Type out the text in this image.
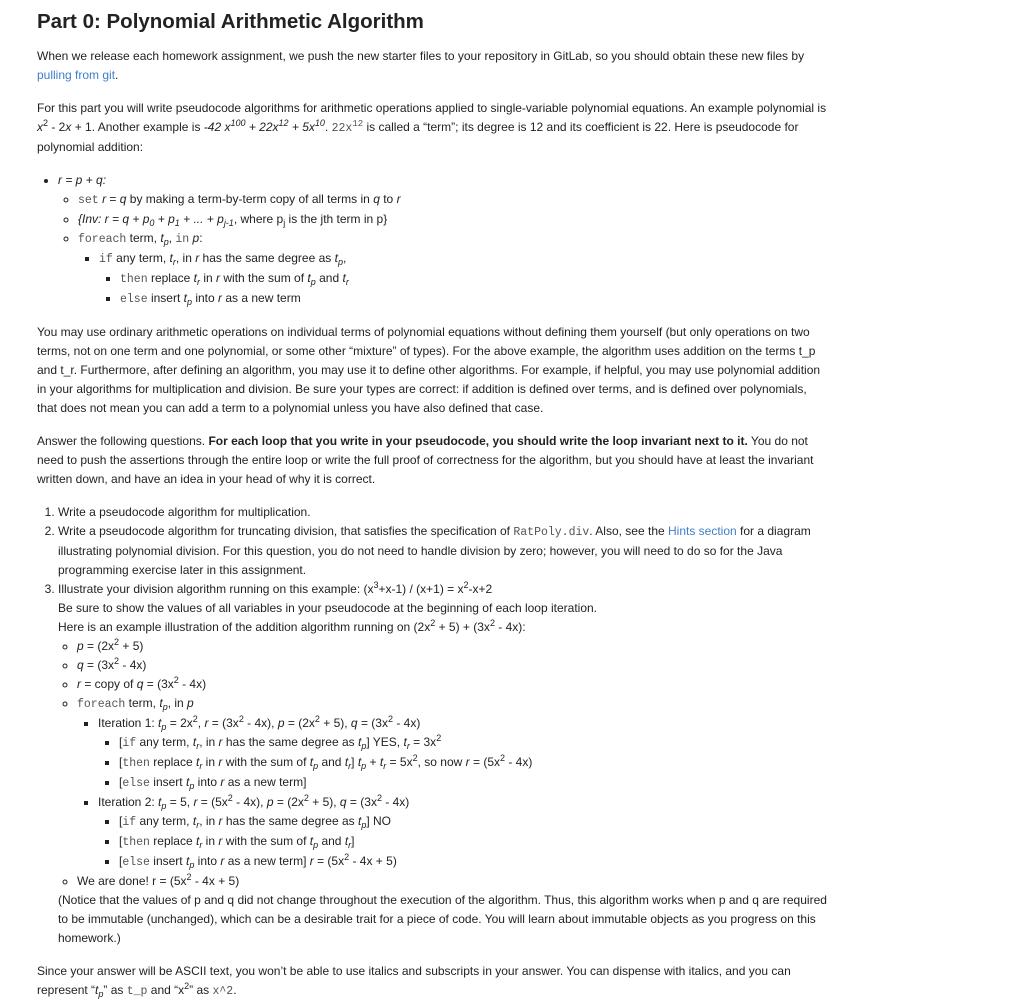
Part 0: Polynomial Arithmetic Algorithm

When we release each homework assignment, we push the new starter files to your repository in GitLab, so you should obtain these new files by pulling from git.

For this part you will write pseudocode algorithms for arithmetic operations applied to single-variable polynomial equations. An example polynomial is $x^2 - 2x + 1$. Another example is -42 $x^{100} + 22x^{12} + 5x^{10}$. $22x^{12}$ is called a “term”; its degree is 12 and its coefficient is 22. Here is pseudocode for polynomial addition:

• r = p + q:
◦ set r = q by making a term-by-term copy of all terms in q to r
◦ {Inv: $r = q + p_0 + p_1$ + ... + $p_{j-1}$, where $p_j$ is the jth term in p}
◦ foreach term, $t_p$, in p:
▪ if any term, $t_r$, in r has the same degree as $t_p$,
▪ then replace $t_r$ in r with the sum of $t_p$ and $t_r$
▪ else insert $t_p$ into r as a new term

You may use ordinary arithmetic operations on individual terms of polynomial equations without defining them yourself (but only operations on two terms, not on one term and one polynomial, or some other “mixture” of types). For the above example, the algorithm uses addition on the terms t_p and t_r. Furthermore, after defining an algorithm, you may use it to define other algorithms. For example, if helpful, you may use polynomial addition in your algorithms for multiplication and division. Be sure your types are correct: if addition is defined over terms, and is defined over polynomials, that does not mean you can add a term to a polynomial unless you have also defined that case.

Answer the following questions. For each loop that you write in your pseudocode, you should write the loop invariant next to it. You do not need to push the assertions through the entire loop or write the full proof of correctness for the algorithm, but you should have at least the invariant written down, and have an idea in your head of why it is correct.

1. Write a pseudocode algorithm for multiplication.
2. Write a pseudocode algorithm for truncating division, that satisfies the specification of RatPoly.div. Also, see the Hints section for a diagram illustrating polynomial division. For this question, you do not need to handle division by zero; however, you will need to do so for the Java programming exercise later in this assignment.
3. Illustrate your division algorithm running on this example: $(x^3+x-1) / (x+1) = x^2-x+2$
Be sure to show the values of all variables in your pseudocode at the beginning of each loop iteration.
Here is an example illustration of the addition algorithm running on $(2x^2 + 5) + (3x^2 - 4x)$:
◦ $p = (2x^2 + 5)$
◦ $q = (3x^2 - 4x)$
◦ r = copy of $q = (3x^2 - 4x)$
◦ foreach term, $t_p$, in p
▪ Iteration 1: $t_p = 2x^2$, $r = (3x^2 - 4x)$, $p = (2x^2 + 5)$, $q = (3x^2 - 4x)$
▪ [if any term, $t_r$, in r has the same degree as $t_p$] YES, $t_r = 3x^2$
▪ [then replace $t_r$ in r with the sum of $t_p$ and $t_r$] $t_p + t_r = 5x^2$, so now $r = (5x^2 - 4x)$
▪ [else insert $t_p$ into r as a new term]
▪ Iteration 2: $t_p = 5$, $r = (5x^2 - 4x)$, $p = (2x^2 + 5)$, $q = (3x^2 - 4x)$
▪ [if any term, $t_r$, in r has the same degree as $t_p$] NO
▪ [then replace $t_r$ in r with the sum of $t_p$ and $t_r$]
▪ [else insert $t_p$ into r as a new term] $r = (5x^2 - 4x + 5)$
◦ We are done! $r = (5x^2 - 4x + 5)$
(Notice that the values of p and q did not change throughout the execution of the algorithm. Thus, this algorithm works when p and q are required to be immutable (unchanged), which can be a desirable trait for a piece of code. You will learn about immutable objects as you progress on this homework.)

Since your answer will be ASCII text, you won’t be able to use italics and subscripts in your answer. You can dispense with italics, and you can represent “$t_p$” as t_p and “$x^2$” as x^2.
